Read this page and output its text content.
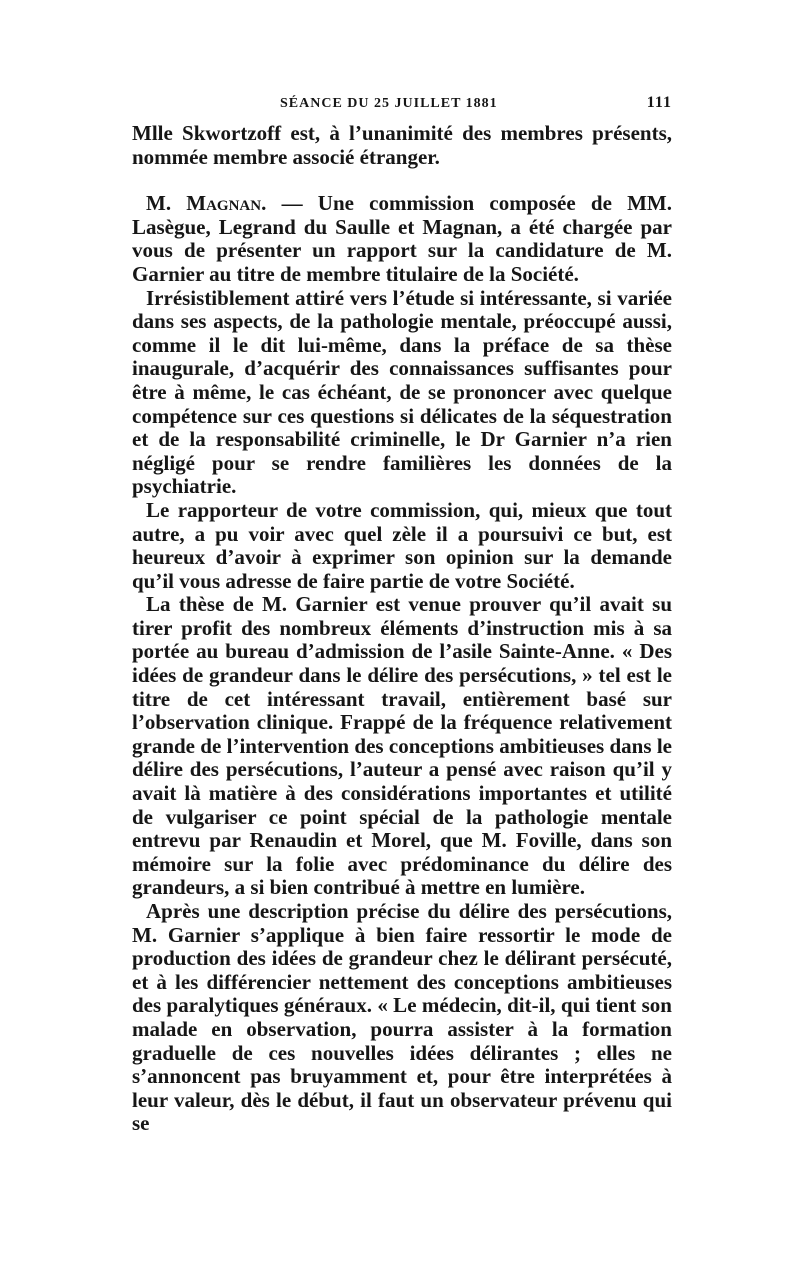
SÉANCE DU 25 JUILLET 1881	111

Mlle Skwortzoff est, à l’unanimité des membres présents, nommée membre associé étranger.

M. Magnan. — Une commission composée de MM. Lasègue, Legrand du Saulle et Magnan, a été chargée par vous de présenter un rapport sur la candidature de M. Garnier au titre de membre titulaire de la Société.

Irrésistiblement attiré vers l’étude si intéressante, si variée dans ses aspects, de la pathologie mentale, préoccupé aussi, comme il le dit lui-même, dans la préface de sa thèse inaugurale, d’acquérir des connaissances suffisantes pour être à même, le cas échéant, de se prononcer avec quelque compétence sur ces questions si délicates de la séquestration et de la responsabilité criminelle, le Dr Garnier n’a rien négligé pour se rendre familières les données de la psychiatrie.

Le rapporteur de votre commission, qui, mieux que tout autre, a pu voir avec quel zèle il a poursuivi ce but, est heureux d’avoir à exprimer son opinion sur la demande qu’il vous adresse de faire partie de votre Société.

La thèse de M. Garnier est venue prouver qu’il avait su tirer profit des nombreux éléments d’instruction mis à sa portée au bureau d’admission de l’asile Sainte-Anne. « Des idées de grandeur dans le délire des persécutions, » tel est le titre de cet intéressant travail, entièrement basé sur l’observation clinique. Frappé de la fréquence relativement grande de l’intervention des conceptions ambitieuses dans le délire des persécutions, l’auteur a pensé avec raison qu’il y avait là matière à des considérations importantes et utilité de vulgariser ce point spécial de la pathologie mentale entrevu par Renaudin et Morel, que M. Foville, dans son mémoire sur la folie avec prédominance du délire des grandeurs, a si bien contribué à mettre en lumière.

Après une description précise du délire des persécutions, M. Garnier s’applique à bien faire ressortir le mode de production des idées de grandeur chez le délirant persécuté, et à les différencier nettement des conceptions ambitieuses des paralytiques généraux. « Le médecin, dit-il, qui tient son malade en observation, pourra assister à la formation graduelle de ces nouvelles idées délirantes ; elles ne s’annoncent pas bruyamment et, pour être interprétées à leur valeur, dès le début, il faut un observateur prévenu qui se
